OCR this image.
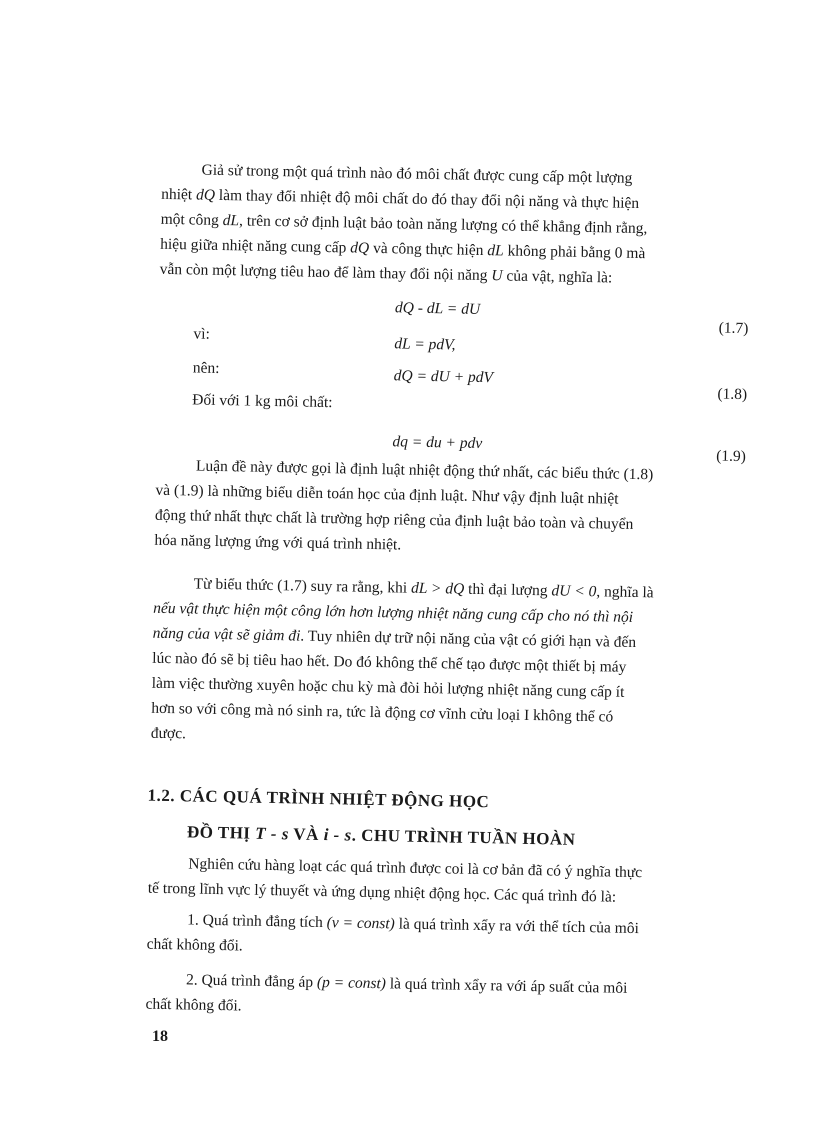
Giả sử trong một quá trình nào đó môi chất được cung cấp một lượng

nhiệt dQ làm thay đổi nhiệt độ môi chất do đó thay đổi nội năng và thực hiện

một công dL, trên cơ sở định luật bảo toàn năng lượng có thể khẳng định rằng,

hiệu giữa nhiệt năng cung cấp dQ và công thực hiện dL không phải bằng 0 mà

vẫn còn một lượng tiêu hao để làm thay đổi nội năng U của vật, nghĩa là:

dQ - dL = dU
(1.7)
vì:
dL = pdV,
nên:	dQ = dU + pdV
(1.8)
Đối với 1 kg môi chất:
dq = du + pdv
(1.9)

Luận đề này được gọi là định luật nhiệt động thứ nhất, các biểu thức (1.8)

và (1.9) là những biểu diễn toán học của định luật. Như vậy định luật nhiệt

động thứ nhất thực chất là trường hợp riêng của định luật bảo toàn và chuyển

hóa năng lượng ứng với quá trình nhiệt.

Từ biểu thức (1.7) suy ra rằng, khi dL > dQ thì đại lượng dU < 0, nghĩa là

nếu vật thực hiện một công lớn hơn lượng nhiệt năng cung cấp cho nó thì nội

năng của vật sẽ giảm đi. Tuy nhiên dự trữ nội năng của vật có giới hạn và đến

lúc nào đó sẽ bị tiêu hao hết. Do đó không thể chế tạo được một thiết bị máy

làm việc thường xuyên hoặc chu kỳ mà đòi hỏi lượng nhiệt năng cung cấp ít

hơn so với công mà nó sinh ra, tức là động cơ vĩnh cửu loại I không thể có

được.

1.2. CÁC QUÁ TRÌNH NHIỆT ĐỘNG HỌC
ĐỒ THỊ T - s VÀ i - s. CHU TRÌNH TUẦN HOÀN

Nghiên cứu hàng loạt các quá trình được coi là cơ bản đã có ý nghĩa thực

tế trong lĩnh vực lý thuyết và ứng dụng nhiệt động học. Các quá trình đó là:

1. Quá trình đẳng tích (v = const) là quá trình xẩy ra với thể tích của môi

chất không đổi.

2. Quá trình đẳng áp (p = const) là quá trình xẩy ra với áp suất của môi

chất không đổi.

18
